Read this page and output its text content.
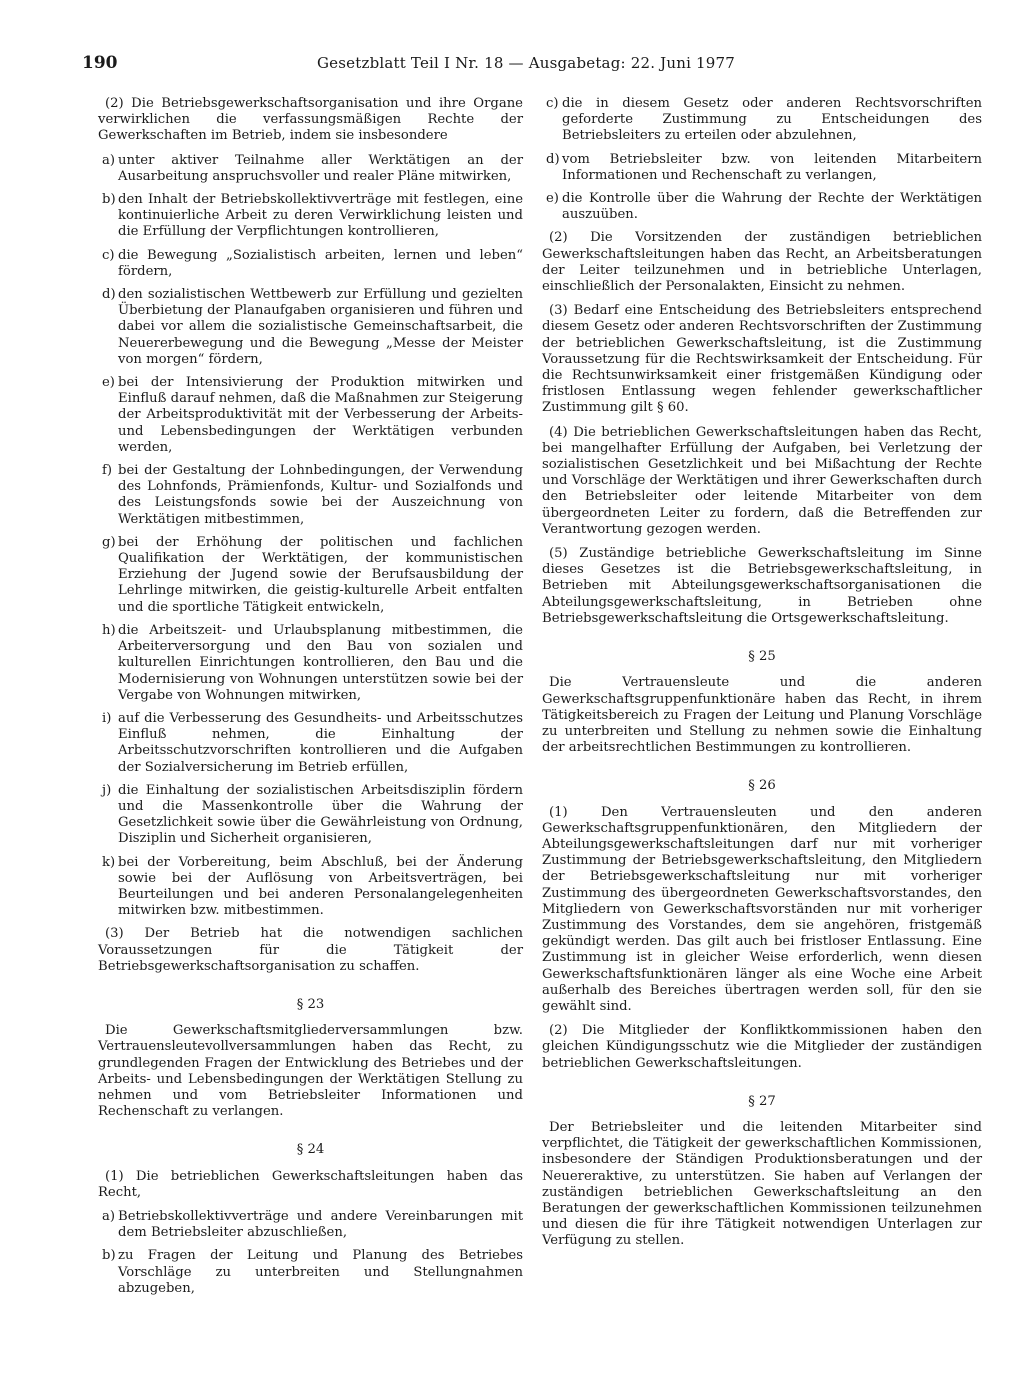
190	Gesetzblatt Teil I Nr. 18 — Ausgabetag: 22. Juni 1977

(2) Die Betriebsgewerkschaftsorganisation und ihre Organe verwirklichen die verfassungsmäßigen Rechte der Gewerkschaften im Betrieb, indem sie insbesondere

a) unter aktiver Teilnahme aller Werktätigen an der Ausarbeitung anspruchsvoller und realer Pläne mitwirken,
b) den Inhalt der Betriebskollektivverträge mit festlegen, eine kontinuierliche Arbeit zu deren Verwirklichung leisten und die Erfüllung der Verpflichtungen kontrollieren,
c) die Bewegung „Sozialistisch arbeiten, lernen und leben“ fördern,
d) den sozialistischen Wettbewerb zur Erfüllung und gezielten Überbietung der Planaufgaben organisieren und führen und dabei vor allem die sozialistische Gemeinschaftsarbeit, die Neuererbewegung und die Bewegung „Messe der Meister von morgen“ fördern,
e) bei der Intensivierung der Produktion mitwirken und Einfluß darauf nehmen, daß die Maßnahmen zur Steigerung der Arbeitsproduktivität mit der Verbesserung der Arbeits- und Lebensbedingungen der Werktätigen verbunden werden,
f) bei der Gestaltung der Lohnbedingungen, der Verwendung des Lohnfonds, Prämienfonds, Kultur- und Sozialfonds und des Leistungsfonds sowie bei der Auszeichnung von Werktätigen mitbestimmen,
g) bei der Erhöhung der politischen und fachlichen Qualifikation der Werktätigen, der kommunistischen Erziehung der Jugend sowie der Berufsausbildung der Lehrlinge mitwirken, die geistig-kulturelle Arbeit entfalten und die sportliche Tätigkeit entwickeln,
h) die Arbeitszeit- und Urlaubsplanung mitbestimmen, die Arbeiterversorgung und den Bau von sozialen und kulturellen Einrichtungen kontrollieren, den Bau und die Modernisierung von Wohnungen unterstützen sowie bei der Vergabe von Wohnungen mitwirken,
i) auf die Verbesserung des Gesundheits- und Arbeitsschutzes Einfluß nehmen, die Einhaltung der Arbeitsschutzvorschriften kontrollieren und die Aufgaben der Sozialversicherung im Betrieb erfüllen,
j) die Einhaltung der sozialistischen Arbeitsdisziplin fördern und die Massenkontrolle über die Wahrung der Gesetzlichkeit sowie über die Gewährleistung von Ordnung, Disziplin und Sicherheit organisieren,
k) bei der Vorbereitung, beim Abschluß, bei der Änderung sowie bei der Auflösung von Arbeitsverträgen, bei Beurteilungen und bei anderen Personalangelegenheiten mitwirken bzw. mitbestimmen.

(3) Der Betrieb hat die notwendigen sachlichen Voraussetzungen für die Tätigkeit der Betriebsgewerkschaftsorganisation zu schaffen.

§ 23

Die Gewerkschaftsmitgliederversammlungen bzw. Vertrauensleutevollversammlungen haben das Recht, zu grundlegenden Fragen der Entwicklung des Betriebes und der Arbeits- und Lebensbedingungen der Werktätigen Stellung zu nehmen und vom Betriebsleiter Informationen und Rechenschaft zu verlangen.

§ 24

(1) Die betrieblichen Gewerkschaftsleitungen haben das Recht,

a) Betriebskollektivverträge und andere Vereinbarungen mit dem Betriebsleiter abzuschließen,
b) zu Fragen der Leitung und Planung des Betriebes Vorschläge zu unterbreiten und Stellungnahmen abzugeben,
c) die in diesem Gesetz oder anderen Rechtsvorschriften geforderte Zustimmung zu Entscheidungen des Betriebsleiters zu erteilen oder abzulehnen,
d) vom Betriebsleiter bzw. von leitenden Mitarbeitern Informationen und Rechenschaft zu verlangen,
e) die Kontrolle über die Wahrung der Rechte der Werktätigen auszuüben.

(2) Die Vorsitzenden der zuständigen betrieblichen Gewerkschaftsleitungen haben das Recht, an Arbeitsberatungen der Leiter teilzunehmen und in betriebliche Unterlagen, einschließlich der Personalakten, Einsicht zu nehmen.

(3) Bedarf eine Entscheidung des Betriebsleiters entsprechend diesem Gesetz oder anderen Rechtsvorschriften der Zustimmung der betrieblichen Gewerkschaftsleitung, ist die Zustimmung Voraussetzung für die Rechtswirksamkeit der Entscheidung. Für die Rechtsunwirksamkeit einer fristgemäßen Kündigung oder fristlosen Entlassung wegen fehlender gewerkschaftlicher Zustimmung gilt § 60.

(4) Die betrieblichen Gewerkschaftsleitungen haben das Recht, bei mangelhafter Erfüllung der Aufgaben, bei Verletzung der sozialistischen Gesetzlichkeit und bei Mißachtung der Rechte und Vorschläge der Werktätigen und ihrer Gewerkschaften durch den Betriebsleiter oder leitende Mitarbeiter von dem übergeordneten Leiter zu fordern, daß die Betreffenden zur Verantwortung gezogen werden.

(5) Zuständige betriebliche Gewerkschaftsleitung im Sinne dieses Gesetzes ist die Betriebsgewerkschaftsleitung, in Betrieben mit Abteilungsgewerkschaftsorganisationen die Abteilungsgewerkschaftsleitung, in Betrieben ohne Betriebsgewerkschaftsleitung die Ortsgewerkschaftsleitung.

§ 25

Die Vertrauensleute und die anderen Gewerkschaftsgruppenfunktionäre haben das Recht, in ihrem Tätigkeitsbereich zu Fragen der Leitung und Planung Vorschläge zu unterbreiten und Stellung zu nehmen sowie die Einhaltung der arbeitsrechtlichen Bestimmungen zu kontrollieren.

§ 26

(1) Den Vertrauensleuten und den anderen Gewerkschaftsgruppenfunktionären, den Mitgliedern der Abteilungsgewerkschaftsleitungen darf nur mit vorheriger Zustimmung der Betriebsgewerkschaftsleitung, den Mitgliedern der Betriebsgewerkschaftsleitung nur mit vorheriger Zustimmung des übergeordneten Gewerkschaftsvorstandes, den Mitgliedern von Gewerkschaftsvorständen nur mit vorheriger Zustimmung des Vorstandes, dem sie angehören, fristgemäß gekündigt werden. Das gilt auch bei fristloser Entlassung. Eine Zustimmung ist in gleicher Weise erforderlich, wenn diesen Gewerkschaftsfunktionären länger als eine Woche eine Arbeit außerhalb des Bereiches übertragen werden soll, für den sie gewählt sind.

(2) Die Mitglieder der Konfliktkommissionen haben den gleichen Kündigungsschutz wie die Mitglieder der zuständigen betrieblichen Gewerkschaftsleitungen.

§ 27

Der Betriebsleiter und die leitenden Mitarbeiter sind verpflichtet, die Tätigkeit der gewerkschaftlichen Kommissionen, insbesondere der Ständigen Produktionsberatungen und der Neuereraktive, zu unterstützen. Sie haben auf Verlangen der zuständigen betrieblichen Gewerkschaftsleitung an den Beratungen der gewerkschaftlichen Kommissionen teilzunehmen und diesen die für ihre Tätigkeit notwendigen Unterlagen zur Verfügung zu stellen.
